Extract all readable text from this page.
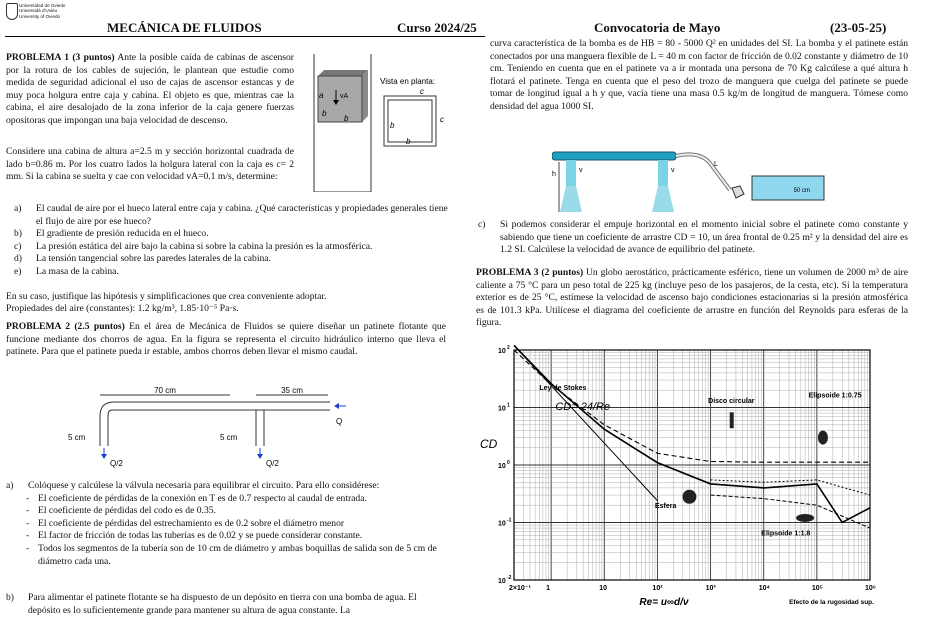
Universidad de Oviedo
Universidá d'Uviéu
University of Oviedo
MECÁNICA DE FLUIDOS	Curso 2024/25	Convocatoria de Mayo	(23-05-25)

PROBLEMA 1 (3 puntos) Ante la posible caída de cabinas de ascensor por la rotura de los cables de sujeción, le plantean que estudie como medida de seguridad adicional el uso de cajas de ascensor estancas y de muy poca holgura entre caja y cabina. El objeto es que, mientras cae la cabina, el aire desalojado de la zona inferior de la caja genere fuerzas opositoras que impongan una baja velocidad de descenso.

Considere una cabina de altura a=2.5 m y sección horizontal cuadrada de lado b=0.86 m. Por los cuatro lados la holgura lateral con la caja es c= 2 mm. Si la cabina se suelta y cae con velocidad vA=0.1 m/s, determine:

vA
a
b
b
Vista en planta:
c
c
b
b
a)	El caudal de aire por el hueco lateral entre caja y cabina. ¿Qué características y propiedades generales tiene el flujo de aire por ese hueco?
b)	El gradiente de presión reducida en el hueco.
c)	La presión estática del aire bajo la cabina si sobre la cabina la presión es la atmosférica.
d)	La tensión tangencial sobre las paredes laterales de la cabina.
e)	La masa de la cabina.
En su caso, justifique las hipótesis y simplificaciones que crea conveniente adoptar.
Propiedades del aire (constantes): 1.2 kg/m³, 1.85·10⁻⁵ Pa·s.

PROBLEMA 2 (2.5 puntos) En el área de Mecánica de Fluidos se quiere diseñar un patinete flotante que funcione mediante dos chorros de agua. En la figura se representa el circuito hidráulico interno que lleva el patinete. Para que el patinete pueda ir estable, ambos chorros deben llevar el mismo caudal.

70 cm	35 cm
5 cm	5 cm
Q/2	Q/2
Q
a)	Colóquese y calcúlese la válvula necesaria para equilibrar el circuito. Para ello considérese:
- El coeficiente de pérdidas de la conexión en T es de 0.7 respecto al caudal de entrada.
- El coeficiente de pérdidas del codo es de 0.35.
- El coeficiente de pérdidas del estrechamiento es de 0.2 sobre el diámetro menor
- El factor de fricción de todas las tuberías es de 0.02 y se puede considerar constante.
- Todos los segmentos de la tubería son de 10 cm de diámetro y ambas boquillas de salida son de 5 cm de diámetro cada una.
b)	Para alimentar el patinete flotante se ha dispuesto de un depósito en tierra con una bomba de agua. El depósito es lo suficientemente grande para mantener su altura de agua constante. La

curva característica de la bomba es de HB = 80 - 5000 Q² en unidades del SI. La bomba y el patinete están conectados por una manguera flexible de L = 40 m con factor de fricción de 0.02 constante y diámetro de 10 cm. Teniendo en cuenta que en el patinete va a ir montada una persona de 70 Kg calcúlese a qué altura h flotará el patinete. Tenga en cuenta que el peso del trozo de manguera que cuelga del patinete se puede tomar de longitud igual a h y que, vacía tiene una masa 0.5 kg/m de longitud de manguera. Tómese como densidad del agua 1000 SI.

h
v	v
L
50 cm
c)	Si podemos considerar el empuje horizontal en el momento inicial sobre el patinete como constante y sabiendo que tiene un coeficiente de arrastre CD = 10, un área frontal de 0.25 m² y la densidad del aire es 1.2 SI. Calcúlese la velocidad de avance de equilibrio del patinete.

PROBLEMA 3 (2 puntos) Un globo aerostático, prácticamente esférico, tiene un volumen de 2000 m³ de aire caliente a 75 °C para un peso total de 225 kg (incluye peso de los pasajeros, de la cesta, etc). Si la temperatura exterior es de 25 °C, estímese la velocidad de ascenso bajo condiciones estacionarias si la presión atmosférica es de 101.3 kPa. Utilícese el diagrama del coeficiente de arrastre en función del Reynolds para esferas de la figura.

10 -2
10 -1
10 0
10 1
10 2
2×10⁻¹ 1	10	10²	10³	10⁴	10⁵	10⁶
CD
Re= u∞d/ν
Ley de Stokes
CD= 24/Re	Disco circular
Elipsoide 1:0.75
Esfera
Elipsoide 1:1.8
Efecto de la rugosidad sup.
